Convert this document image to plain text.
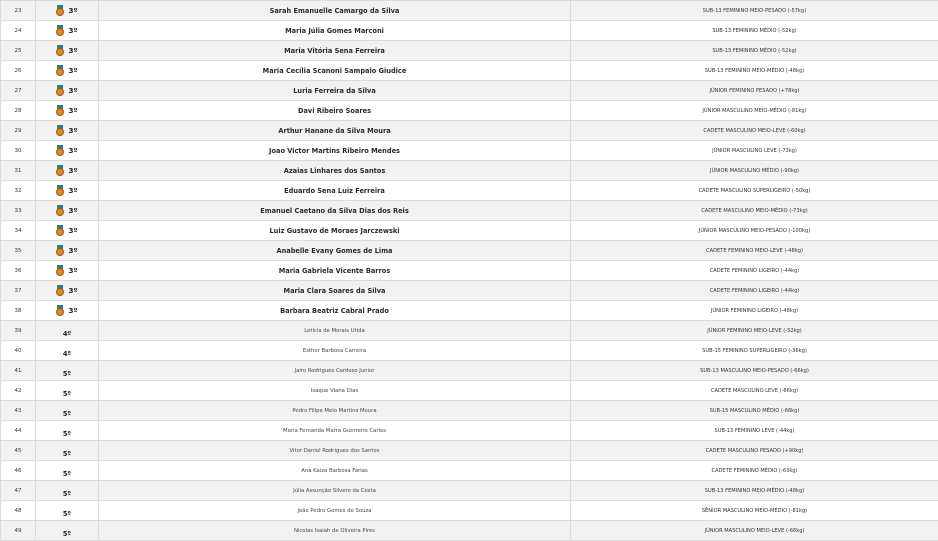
23	3º	Sarah Emanuelle Camargo da Silva	SUB-13 FEMININO MEIO-PESADO (-57kg)
24	3º	Maria Júlia Gomes Marconi	SUB-13 FEMININO MÉDIO (-52kg)
25	3º	Maria Vitória Sena Ferreira	SUB-13 FEMININO MÉDIO (-52kg)
26	3º	Maria Cecília Scanoni Sampaio Giudice	SUB-13 FEMININO MEIO-MÉDIO (-48kg)
27	3º	Luria Ferreira da Silva	JÚNIOR FEMININO PESADO (+78kg)
28	3º	Davi Ribeiro Soares	JÚNIOR MASCULINO MEIO-MÉDIO (-81kg)
29	3º	Arthur Hanane da Silva Moura	CADETE MASCULINO MEIO-LEVE (-60kg)
30	3º	Joao Victor Martins Ribeiro Mendes	JÚNIOR MASCULINO LEVE (-73kg)
31	3º	Azaias Linhares dos Santos	JÚNIOR MASCULINO MÉDIO (-90kg)
32	3º	Eduardo Sena Luiz Ferreira	CADETE MASCULINO SUPERLIGEIRO (-50kg)
33	3º	Emanuel Caetano da Silva Dias dos Reis	CADETE MASCULINO MEIO-MÉDIO (-73kg)
34	3º	Luiz Gustavo de Moraes Jarczewski	JÚNIOR MASCULINO MEIO-PESADO (-100kg)
35	3º	Anabelle Evany Gomes de Lima	CADETE FEMININO MEIO-LEVE (-48kg)
36	3º	Maria Gabriela Vicente Barros	CADETE FEMININO LIGEIRO (-44kg)
37	3º	Maria Clara Soares da Silva	CADETE FEMININO LIGEIRO (-44kg)
38	3º	Barbara Beatriz Cabral Prado	JÚNIOR FEMININO LIGEIRO (-48kg)
39	4º	Letícia de Morais Utida	JÚNIOR FEMININO MEIO-LEVE (-52kg)
40	4º	Esther Barbosa Carreira	SUB-15 FEMININO SUPERLIGEIRO (-36kg)
41	5º	Jairo Rodrigues Cardoso Junior	SUB-13 MASCULINO MEIO-PESADO (-66kg)
42	5º	Isaque Viana Dias	CADETE MASCULINO LEVE (-66kg)
43	5º	Pedro Filipe Melo Martins Moura	SUB-15 MASCULINO MÉDIO (-66kg)
44	5º	Maria Fernanda Marra Guerreiro Carlos	SUB-13 FEMININO LEVE (-44kg)
45	5º	Vitor Daniel Rodrigues dos Santos	CADETE MASCULINO PESADO (+90kg)
46	5º	Ana Kaiza Barbosa Farias	CADETE FEMININO MÉDIO (-63kg)
47	5º	Júlia Assunção Silvero da Costa	SUB-13 FEMININO MEIO-MÉDIO (-48kg)
48	5º	João Pedro Gomes de Souza	SÊNIOR MASCULINO MEIO-MÉDIO (-81kg)
49	5º	Nicolas Isaiah de Oliveira Pires	JÚNIOR MASCULINO MEIO-LEVE (-66kg)
